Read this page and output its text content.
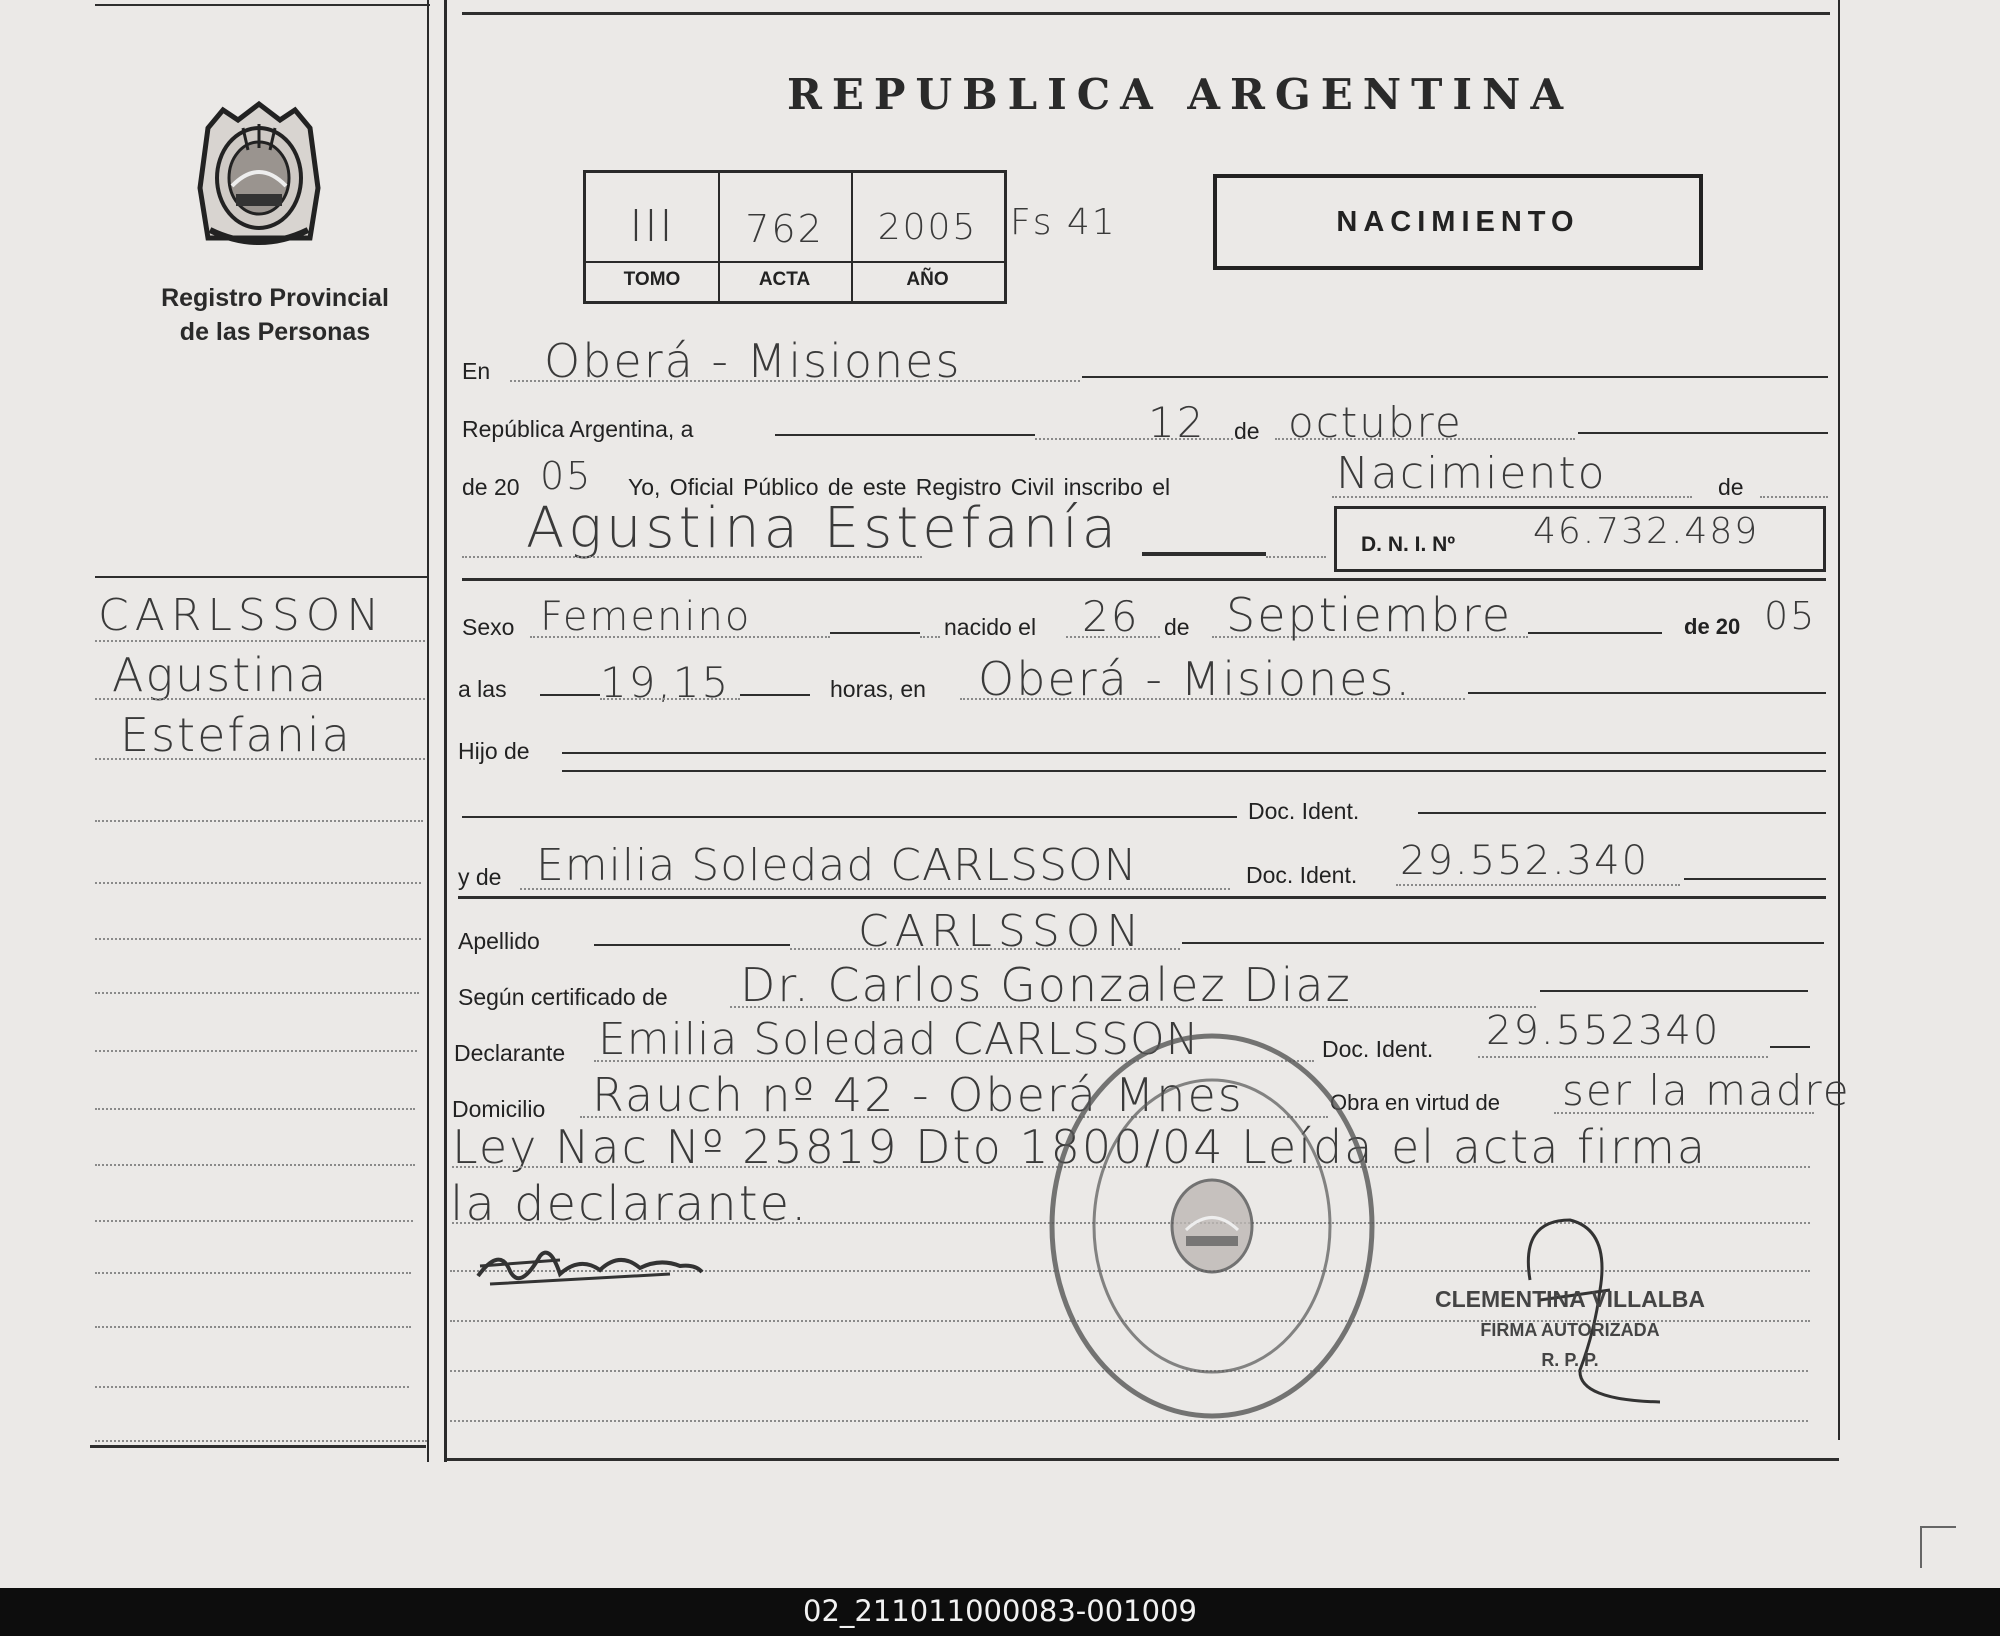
Registro Provincial
de las Personas
REPUBLICA ARGENTINA
III	762	2005
TOMO	ACTA	AÑO
Fs 41	NACIMIENTO
CARLSSON
Agustina
Estefania
En Oberá - Misiones
República Argentina, a	12 de octubre
de 20 05 Yo, Oficial Público de este Registro Civil inscribo el	Nacimiento	de
Agustina Estefanía	D. N. I. Nº 46.732.489
Sexo Femenino	nacido el 26 de Septiembre	de 20 05
a las 19,15	horas, en Oberá - Misiones.
Hijo de
Doc. Ident.
y de Emilia Soledad CARLSSON	Doc. Ident. 29.552.340
Apellido	CARLSSON
Según certificado de Dr. Carlos Gonzalez Diaz
Declarante Emilia Soledad CARLSSON	Doc. Ident. 29.552340
Domicilio Rauch nº 42 - Oberá Mnes	Obra en virtud de ser la madre
Ley Nac Nº 25819 Dto 1800/04 Leída el acta firma
la declarante.
CLEMENTINA VILLALBA
FIRMA AUTORIZADA
R. P. P.
02_211011000083-001009
